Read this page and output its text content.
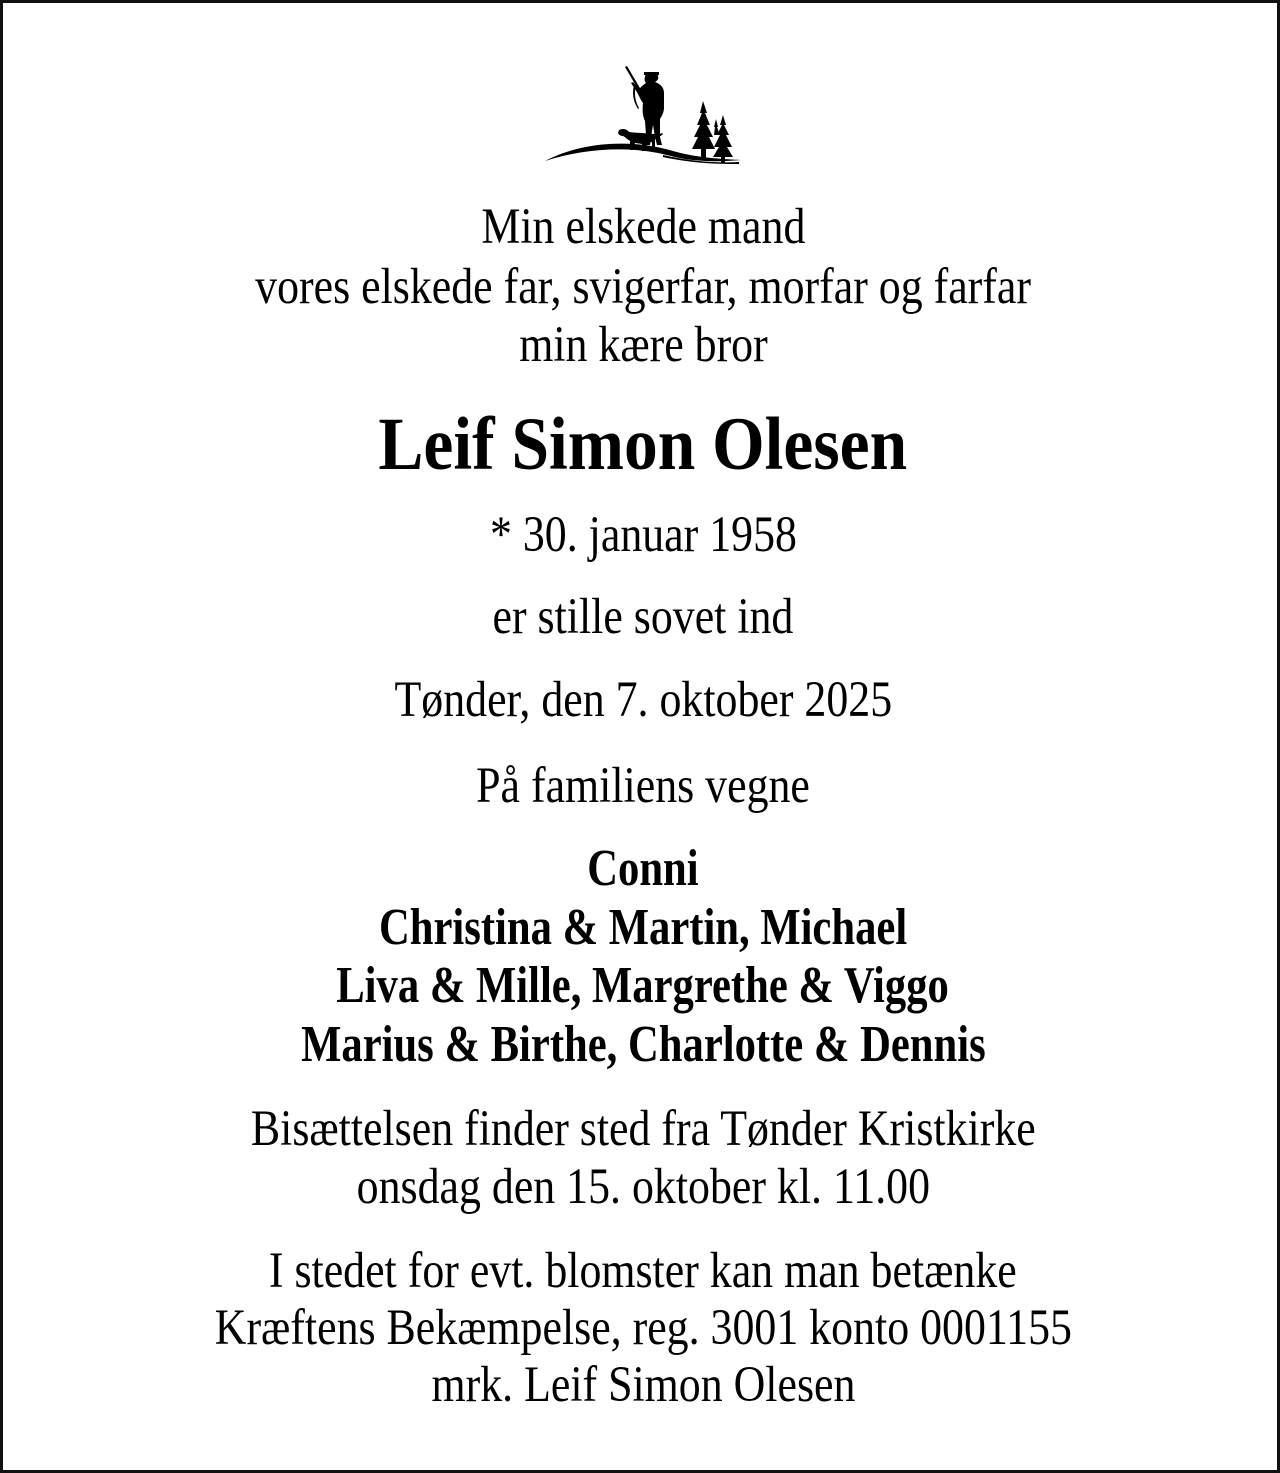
Min elskede mand
vores elskede far, svigerfar, morfar og farfar
min kære bror
Leif Simon Olesen
* 30. januar 1958
er stille sovet ind
Tønder, den 7. oktober 2025
På familiens vegne
Conni
Christina & Martin, Michael
Liva & Mille, Margrethe & Viggo
Marius & Birthe, Charlotte & Dennis
Bisættelsen finder sted fra Tønder Kristkirke
onsdag den 15. oktober kl. 11.00
I stedet for evt. blomster kan man betænke
Kræftens Bekæmpelse, reg. 3001 konto 0001155
mrk. Leif Simon Olesen
